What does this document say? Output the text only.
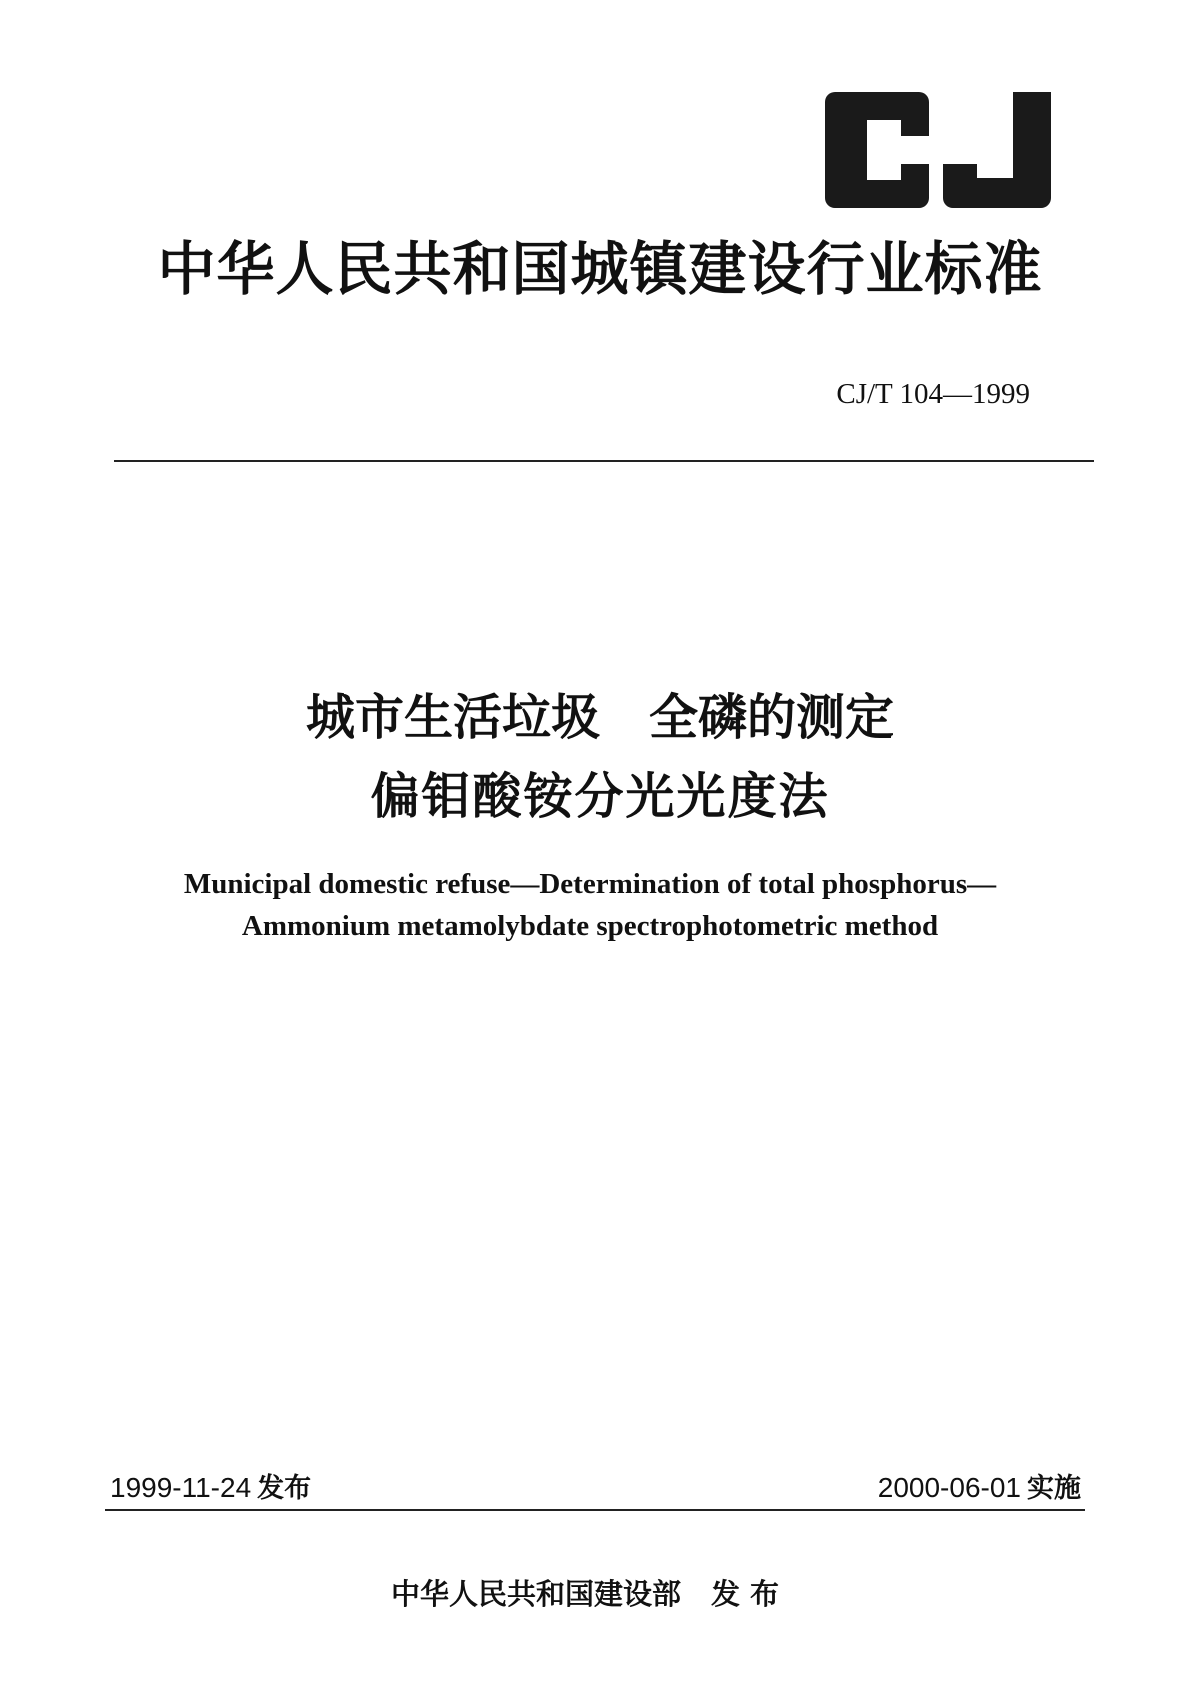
中华人民共和国城镇建设行业标准
CJ/T 104—1999
城市生活垃圾　全磷的测定
偏钼酸铵分光光度法
Municipal domestic refuse—Determination of total phosphorus—
Ammonium metamolybdate spectrophotometric method
1999-11-24 发布	2000-06-01 实施
中华人民共和国建设部 发布
